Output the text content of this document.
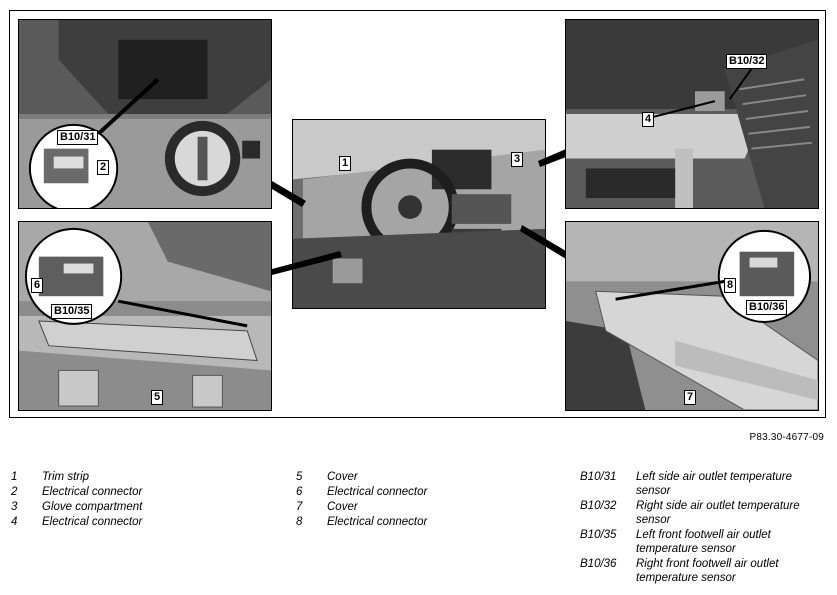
B10/31
2
6
B10/35
5
1	3
B10/32
4
8
B10/36
7
P83.30-4677-09
1	Trim strip
2	Electrical connector
3	Glove compartment
4	Electrical connector
5	Cover
6	Electrical connector
7	Cover
8	Electrical connector
B10/31	Left side air outlet temperature sensor
B10/32	Right side air outlet temperature sensor
B10/35	Left front footwell air outlet temperature sensor
B10/36	Right front footwell air outlet temperature sensor
